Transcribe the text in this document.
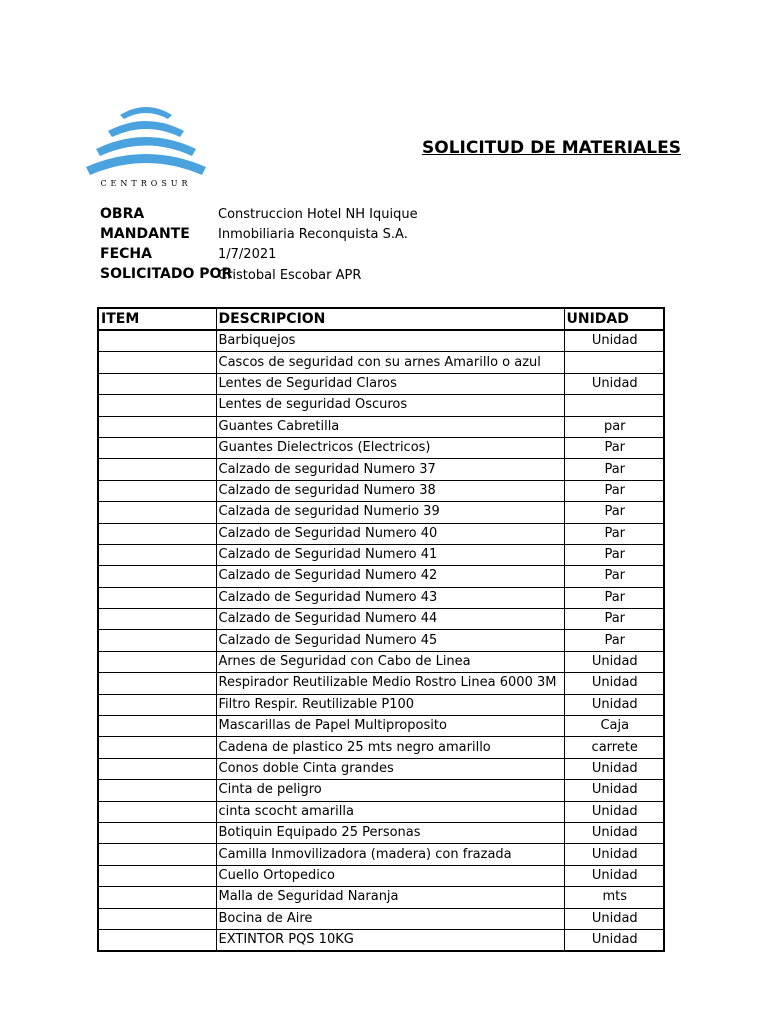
CENTROSUR
SOLICITUD DE MATERIALES
OBRA	Construccion Hotel NH Iquique
MANDANTE Inmobiliaria Reconquista S.A.
FECHA	1/7/2021
SOLICITADO POR
Cristobal Escobar APR
ITEM	DESCRIPCION	UNIDAD
	Barbiquejos	Unidad
	Cascos de seguridad con su arnes Amarillo o azul	
	Lentes de Seguridad Claros	Unidad
	Lentes de seguridad Oscuros	
	Guantes Cabretilla	par
	Guantes Dielectricos (Electricos)	Par
	Calzado de seguridad Numero 37	Par
	Calzado de seguridad Numero 38	Par
	Calzada de seguridad Numerio 39	Par
	Calzado de Seguridad Numero 40	Par
	Calzado de Seguridad Numero 41	Par
	Calzado de Seguridad Numero 42	Par
	Calzado de Seguridad Numero 43	Par
	Calzado de Seguridad Numero 44	Par
	Calzado de Seguridad Numero 45	Par
	Arnes de Seguridad con Cabo de Linea	Unidad
	Respirador Reutilizable Medio Rostro Linea 6000 3M	Unidad
	Filtro Respir. Reutilizable P100	Unidad
	Mascarillas de Papel Multiproposito	Caja
	Cadena de plastico 25 mts negro amarillo	carrete
	Conos doble Cinta grandes	Unidad
	Cinta de peligro	Unidad
	cinta scocht amarilla	Unidad
	Botiquin Equipado 25 Personas	Unidad
	Camilla Inmovilizadora (madera) con frazada	Unidad
	Cuello Ortopedico	Unidad
	Malla de Seguridad Naranja	mts
	Bocina de Aire	Unidad
	EXTINTOR PQS 10KG	Unidad
